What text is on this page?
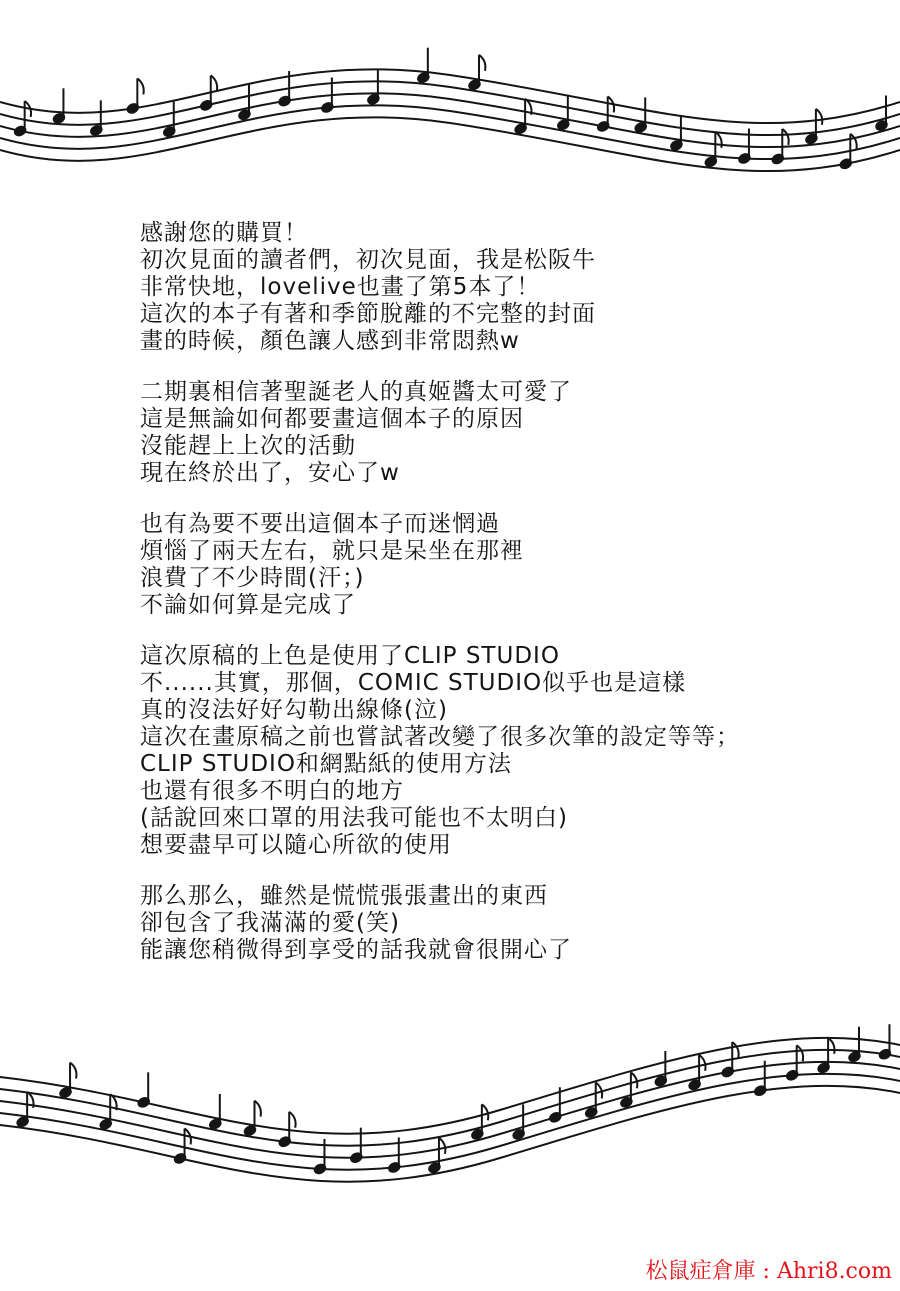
感謝您的購買！
初次見面的讀者們，初次見面，我是松阪牛
非常快地，lovelive也畫了第5本了！
這次的本子有著和季節脫離的不完整的封面
畫的時候，顏色讓人感到非常悶熱w
二期裏相信著聖誕老人的真姬醬太可愛了
這是無論如何都要畫這個本子的原因
沒能趕上上次的活動
現在終於出了，安心了w
也有為要不要出這個本子而迷惘過
煩惱了兩天左右，就只是呆坐在那裡
浪費了不少時間(汗；)
不論如何算是完成了
這次原稿的上色是使用了CLIP STUDIO
不......其實，那個，COMIC STUDIO似乎也是這樣
真的沒法好好勾勒出線條(泣)
這次在畫原稿之前也嘗試著改變了很多次筆的設定等等；
CLIP STUDIO和網點紙的使用方法
也還有很多不明白的地方
(話說回來口罩的用法我可能也不太明白)
想要盡早可以隨心所欲的使用
那么那么，雖然是慌慌張張畫出的東西
卻包含了我滿滿的愛(笑)
能讓您稍微得到享受的話我就會很開心了
松鼠症倉庫 : Ahri8.com
